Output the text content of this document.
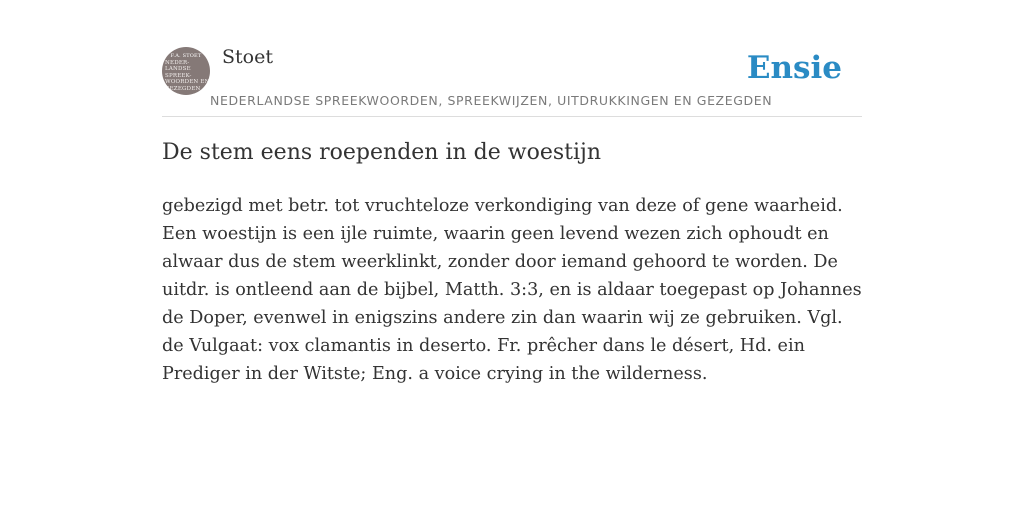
F.A. STOET
NEDER-
LANDSE
SPREEK-
WOORDEN EN
GEZEGDEN
Stoet
NEDERLANDSE SPREEKWOORDEN, SPREEKWIJZEN, UITDRUKKINGEN EN GEZEGDEN
Ensie
De stem eens roependen in de woestijn

gebezigd met betr. tot vruchteloze verkondiging van deze of gene waarheid. Een woestijn is een ijle ruimte, waarin geen levend wezen zich ophoudt en alwaar dus de stem weerklinkt, zonder door iemand gehoord te worden. De uitdr. is ontleend aan de bijbel, Matth. 3:3, en is aldaar toegepast op Johannes de Doper, evenwel in enigszins andere zin dan waarin wij ze gebruiken. Vgl. de Vulgaat: vox clamantis in deserto. Fr. prêcher dans le désert, Hd. ein Prediger in der Witste; Eng. a voice crying in the wilderness.
